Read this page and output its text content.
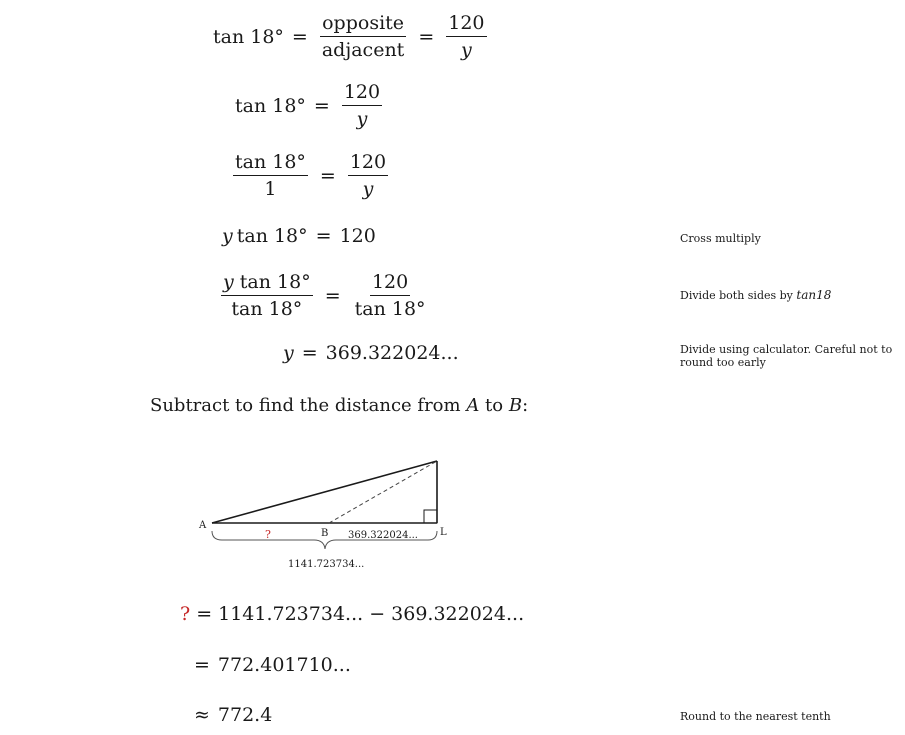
$\tan 18^\circ = \frac{\text{opposite}}{\text{adjacent}} = \frac{120}{y}$
$\tan 18^\circ = \frac{120}{y}$
$\frac{\tan 18^\circ}{1} = \frac{120}{y}$
y tan 18° = 120	Cross multiply
$\frac{\text{y tan 18°}}{\tan 18^\circ} = \frac{120}{\tan 18^\circ}$	Divide both sides by tan18
y = 369.322024...	Divide using calculator. Careful not to round too early
Subtract to find the distance from A to B:
A
B	L
?	369.322024...
1141.723734...
? = 1141.723734... − 369.322024...
= 772.401710...
≈ 772.4	Round to the nearest tenth
